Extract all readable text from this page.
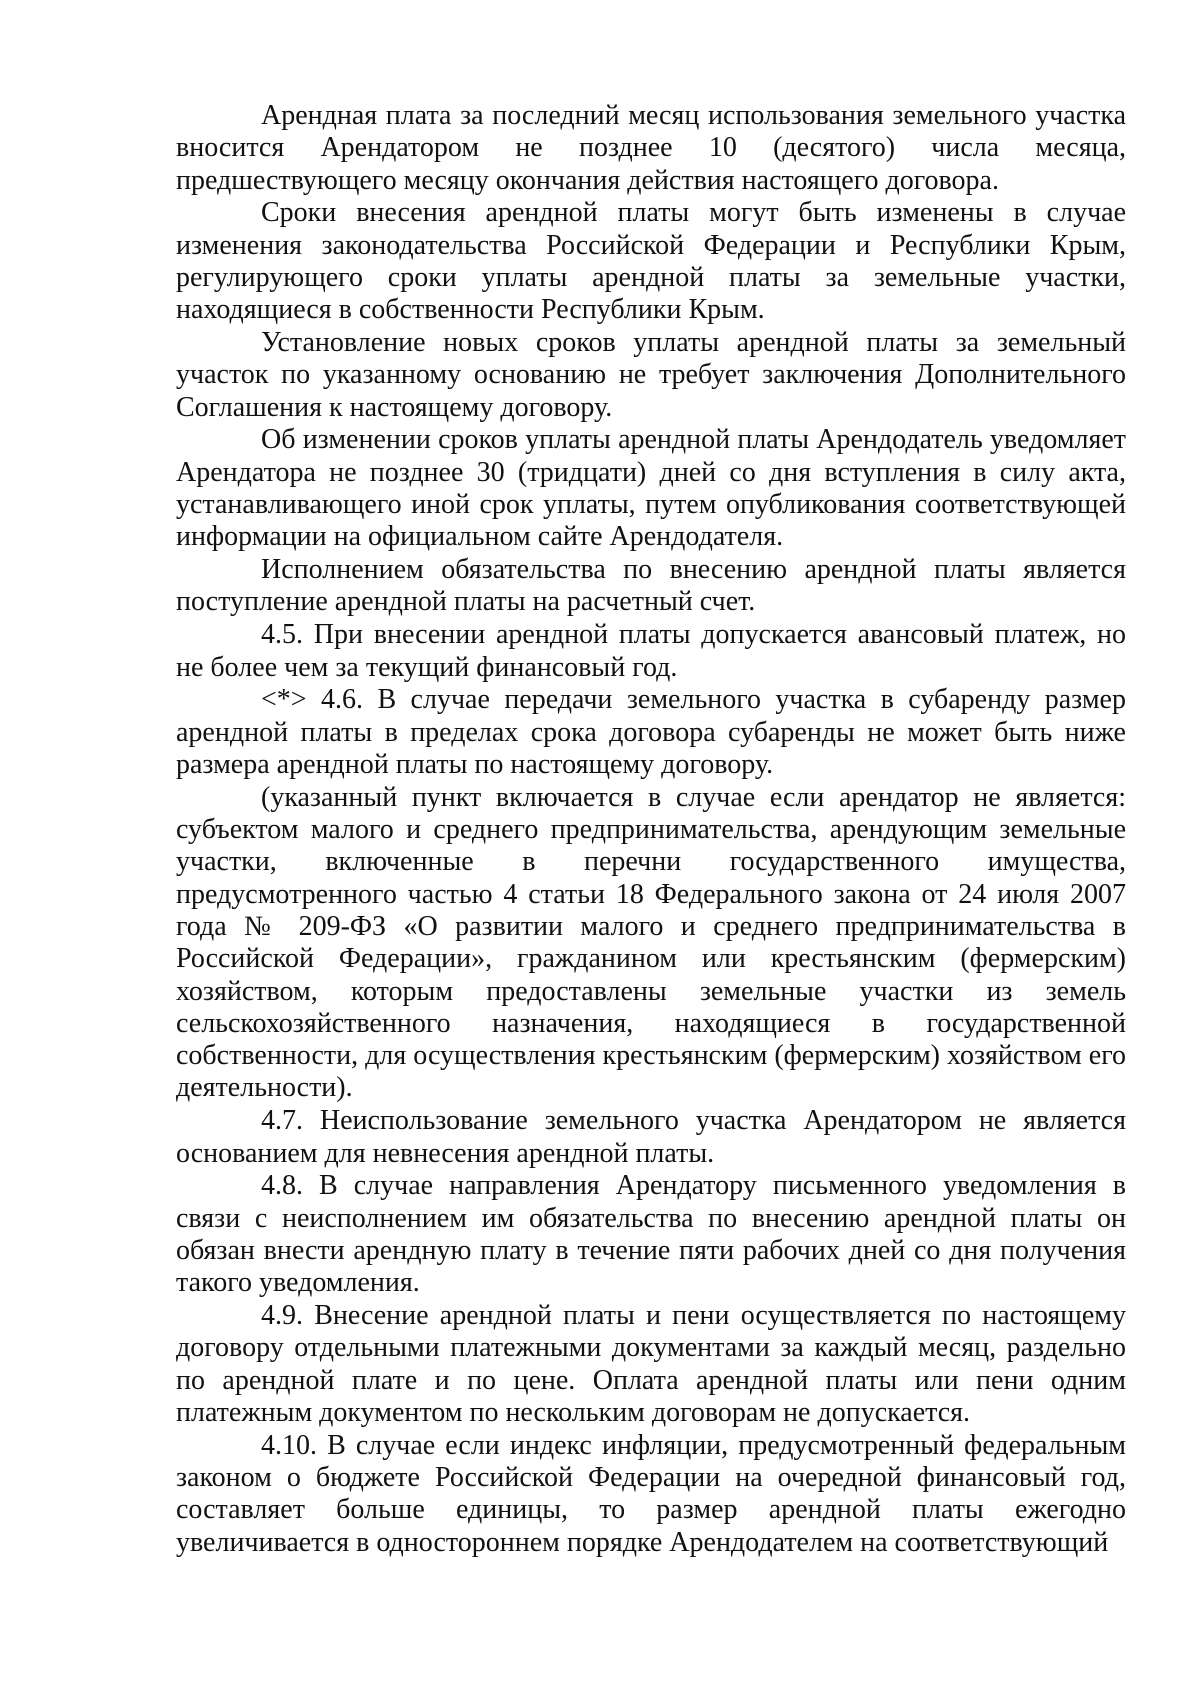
Арендная плата за последний месяц использования земельного участка вносится Арендатором не позднее 10 (десятого) числа месяца, предшествующего месяцу окончания действия настоящего договора.

Сроки внесения арендной платы могут быть изменены в случае изменения законодательства Российской Федерации и Республики Крым, регулирующего сроки уплаты арендной платы за земельные участки, находящиеся в собственности Республики Крым.

Установление новых сроков уплаты арендной платы за земельный участок по указанному основанию не требует заключения Дополнительного Соглашения к настоящему договору.

Об изменении сроков уплаты арендной платы Арендодатель уведомляет Арендатора не позднее 30 (тридцати) дней со дня вступления в силу акта, устанавливающего иной срок уплаты, путем опубликования соответствующей информации на официальном сайте Арендодателя.

Исполнением обязательства по внесению арендной платы является поступление арендной платы на расчетный счет.

4.5. При внесении арендной платы допускается авансовый платеж, но не более чем за текущий финансовый год.

<*> 4.6. В случае передачи земельного участка в субаренду размер арендной платы в пределах срока договора субаренды не может быть ниже размера арендной платы по настоящему договору.

(указанный пункт включается в случае если арендатор не является: субъектом малого и среднего предпринимательства, арендующим земельные участки, включенные в перечни государственного имущества, предусмотренного частью 4 статьи 18 Федерального закона от 24 июля 2007 года № 209-ФЗ «О развитии малого и среднего предпринимательства в Российской Федерации», гражданином или крестьянским (фермерским) хозяйством, которым предоставлены земельные участки из земель сельскохозяйственного назначения, находящиеся в государственной собственности, для осуществления крестьянским (фермерским) хозяйством его деятельности).

4.7. Неиспользование земельного участка Арендатором не является основанием для невнесения арендной платы.

4.8. В случае направления Арендатору письменного уведомления в связи с неисполнением им обязательства по внесению арендной платы он обязан внести арендную плату в течение пяти рабочих дней со дня получения такого уведомления.

4.9. Внесение арендной платы и пени осуществляется по настоящему договору отдельными платежными документами за каждый месяц, раздельно по арендной плате и по цене. Оплата арендной платы или пени одним платежным документом по нескольким договорам не допускается.

4.10. В случае если индекс инфляции, предусмотренный федеральным законом о бюджете Российской Федерации на очередной финансовый год, составляет больше единицы, то размер арендной платы ежегодно увеличивается в одностороннем порядке Арендодателем на соответствующий
